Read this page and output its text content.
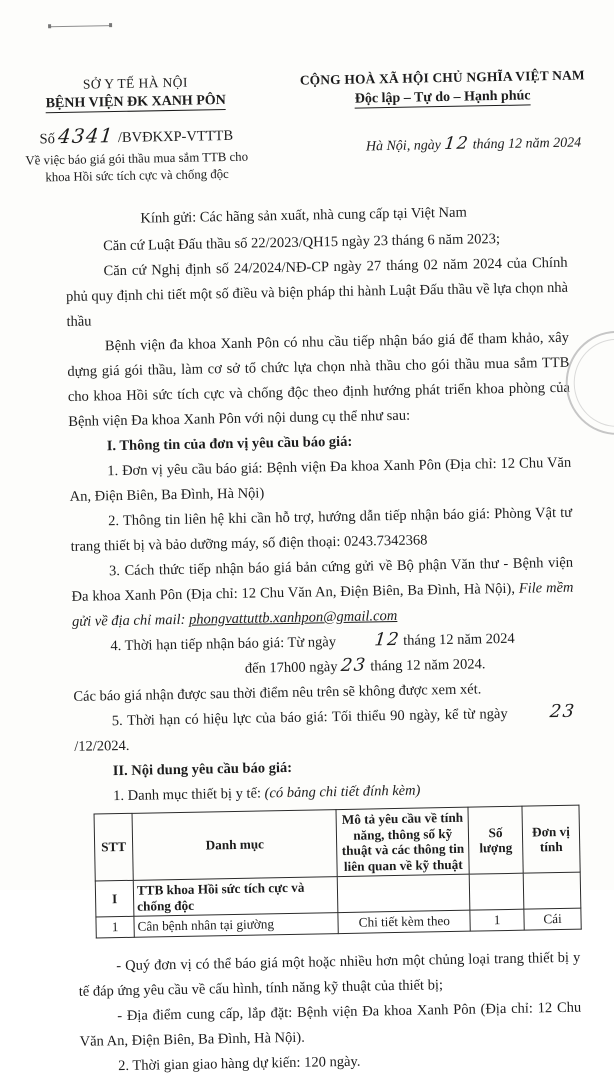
SỞ Y TẾ HÀ NỘI
BỆNH VIỆN ĐK XANH PÔN
Số 4341 /BVĐKXP-VTTTB
Về việc báo giá gói thầu mua sắm TTB cho
khoa Hồi sức tích cực và chống độc
CỘNG HOÀ XÃ HỘI CHỦ NGHĨA VIỆT NAM
Độc lập – Tự do – Hạnh phúc
Hà Nội, ngày 12 tháng 12 năm 2024
Kính gửi: Các hãng sản xuất, nhà cung cấp tại Việt Nam

Căn cứ Luật Đấu thầu số 22/2023/QH15 ngày 23 tháng 6 năm 2023;

Căn cứ Nghị định số 24/2024/NĐ-CP ngày 27 tháng 02 năm 2024 của Chính phủ quy định chi tiết một số điều và biện pháp thi hành Luật Đấu thầu về lựa chọn nhà thầu

Bệnh viện đa khoa Xanh Pôn có nhu cầu tiếp nhận báo giá để tham khảo, xây dựng giá gói thầu, làm cơ sở tổ chức lựa chọn nhà thầu cho gói thầu mua sắm TTB cho khoa Hồi sức tích cực và chống độc theo định hướng phát triển khoa phòng của Bệnh viện Đa khoa Xanh Pôn với nội dung cụ thể như sau:

I. Thông tin của đơn vị yêu cầu báo giá:

1. Đơn vị yêu cầu báo giá: Bệnh viện Đa khoa Xanh Pôn (Địa chỉ: 12 Chu Văn An, Điện Biên, Ba Đình, Hà Nội)

2. Thông tin liên hệ khi cần hỗ trợ, hướng dẫn tiếp nhận báo giá: Phòng Vật tư trang thiết bị và bảo dưỡng máy, số điện thoại: 0243.7342368

3. Cách thức tiếp nhận báo giá bản cứng gửi về Bộ phận Văn thư - Bệnh viện Đa khoa Xanh Pôn (Địa chỉ: 12 Chu Văn An, Điện Biên, Ba Đình, Hà Nội), File mềm gửi về địa chỉ mail: phongvattuttb.xanhpon@gmail.com

4. Thời hạn tiếp nhận báo giá: Từ ngày 12 tháng 12 năm 2024

đến 17h00 ngày 23 tháng 12 năm 2024.

Các báo giá nhận được sau thời điểm nêu trên sẽ không được xem xét.

5. Thời hạn có hiệu lực của báo giá: Tối thiểu 90 ngày, kể từ ngày 23 /12/2024.

II. Nội dung yêu cầu báo giá:

1. Danh mục thiết bị y tế: (có bảng chi tiết đính kèm)

STT	Danh mục	Mô tả yêu cầu về tính năng, thông số kỹ thuật và các thông tin liên quan về kỹ thuật	Số lượng	Đơn vị tính
I	TTB khoa Hồi sức tích cực và chống độc			
1	Cân bệnh nhân tại giường	Chi tiết kèm theo	1	Cái

- Quý đơn vị có thể báo giá một hoặc nhiều hơn một chủng loại trang thiết bị y tế đáp ứng yêu cầu về cấu hình, tính năng kỹ thuật của thiết bị;

- Địa điểm cung cấp, lắp đặt: Bệnh viện Đa khoa Xanh Pôn (Địa chỉ: 12 Chu Văn An, Điện Biên, Ba Đình, Hà Nội).

2. Thời gian giao hàng dự kiến: 120 ngày.
